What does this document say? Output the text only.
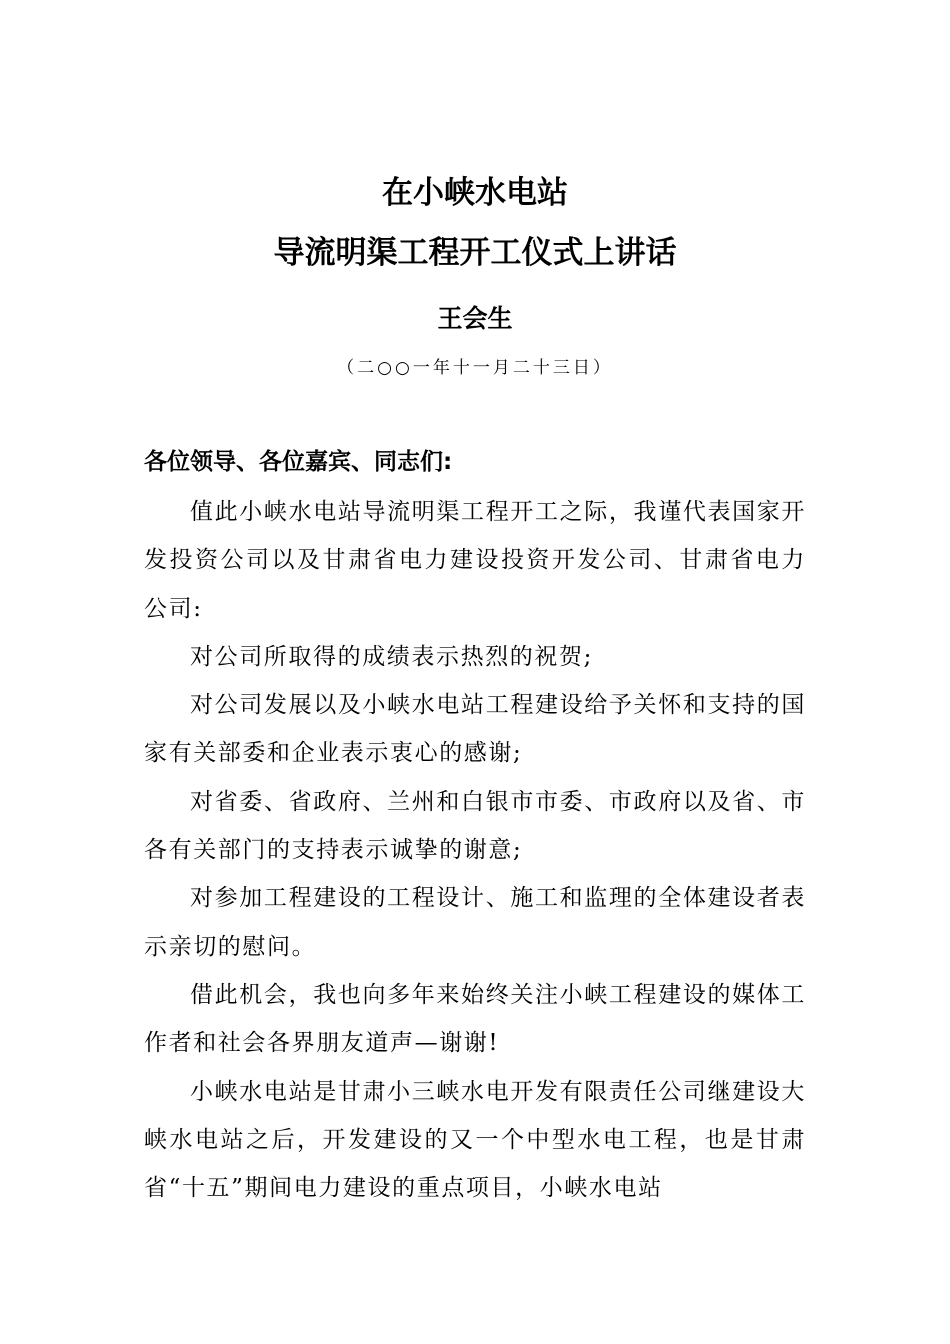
在小峡水电站
导流明渠工程开工仪式上讲话
王会生
（二○○一年十一月二十三日）
各位领导、各位嘉宾、同志们:

值此小峡水电站导流明渠工程开工之际，我谨代表国家开发投资公司以及甘肃省电力建设投资开发公司、甘肃省电力公司:

对公司所取得的成绩表示热烈的祝贺;

对公司发展以及小峡水电站工程建设给予关怀和支持的国家有关部委和企业表示衷心的感谢;

对省委、省政府、兰州和白银市市委、市政府以及省、市各有关部门的支持表示诚挚的谢意;

对参加工程建设的工程设计、施工和监理的全体建设者表示亲切的慰问。

借此机会，我也向多年来始终关注小峡工程建设的媒体工作者和社会各界朋友道声—谢谢!

小峡水电站是甘肃小三峡水电开发有限责任公司继建设大峡水电站之后，开发建设的又一个中型水电工程，也是甘肃省“十五”期间电力建设的重点项目，小峡水电站
